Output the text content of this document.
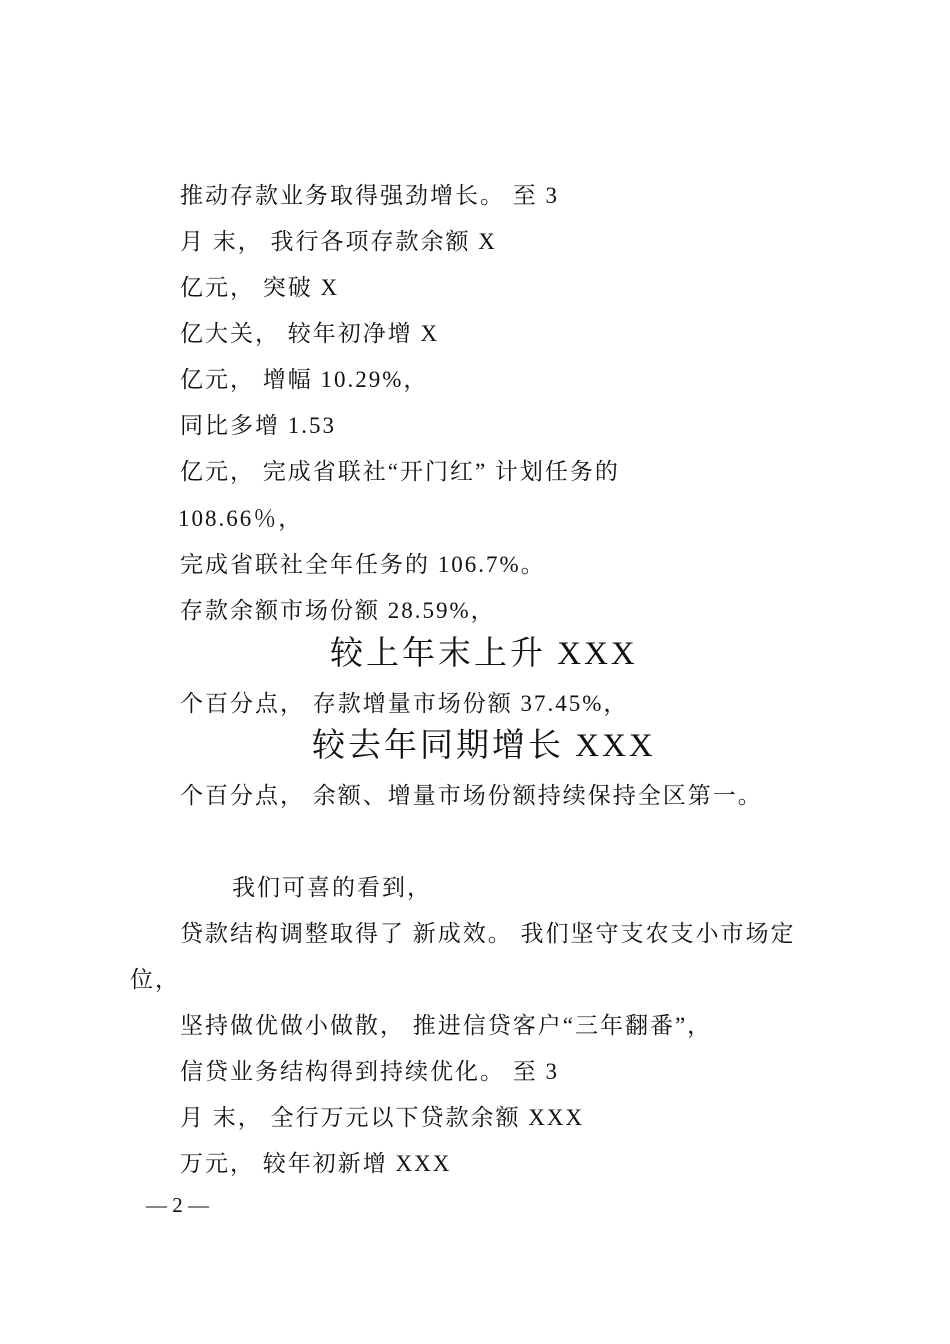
推动存款业务取得强劲增长。 至 3

月 末， 我行各项存款余额 X

亿元， 突破 X

亿大关， 较年初净增 X

亿元， 增幅 10.29%，

同比多增 1.53

亿元， 完成省联社“开门红” 计划任务的

108.66％，

完成省联社全年任务的 106.7%。

存款余额市场份额 28.59%，

较上年末上升 XXX

个百分点， 存款增量市场份额 37.45%，

较去年同期增长 XXX

个百分点， 余额、增量市场份额持续保持全区第一。

我们可喜的看到，

贷款结构调整取得了 新成效。 我们坚守支农支小市场定

位，

坚持做优做小做散， 推进信贷客户“三年翻番”，

信贷业务结构得到持续优化。 至 3

月 末， 全行万元以下贷款余额 XXX

万元， 较年初新增 XXX

— 2 —
